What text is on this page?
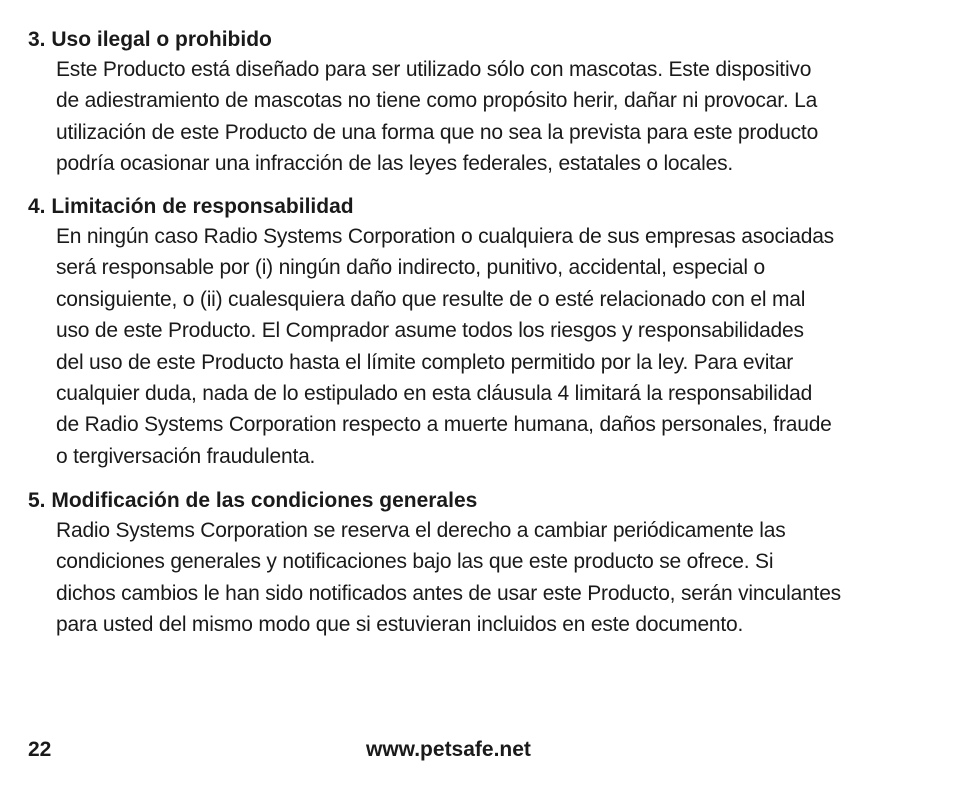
3. Uso ilegal o prohibido

Este Producto está diseñado para ser utilizado sólo con mascotas. Este dispositivo
de adiestramiento de mascotas no tiene como propósito herir, dañar ni provocar. La
utilización de este Producto de una forma que no sea la prevista para este producto
podría ocasionar una infracción de las leyes federales, estatales o locales.

4. Limitación de responsabilidad

En ningún caso Radio Systems Corporation o cualquiera de sus empresas asociadas
será responsable por (i) ningún daño indirecto, punitivo, accidental, especial o
consiguiente, o (ii) cualesquiera daño que resulte de o esté relacionado con el mal
uso de este Producto. El Comprador asume todos los riesgos y responsabilidades
del uso de este Producto hasta el límite completo permitido por la ley. Para evitar
cualquier duda, nada de lo estipulado en esta cláusula 4 limitará la responsabilidad
de Radio Systems Corporation respecto a muerte humana, daños personales, fraude
o tergiversación fraudulenta.

5. Modificación de las condiciones generales

Radio Systems Corporation se reserva el derecho a cambiar periódicamente las
condiciones generales y notificaciones bajo las que este producto se ofrece. Si
dichos cambios le han sido notificados antes de usar este Producto, serán vinculantes
para usted del mismo modo que si estuvieran incluidos en este documento.

22	www.petsafe.net
